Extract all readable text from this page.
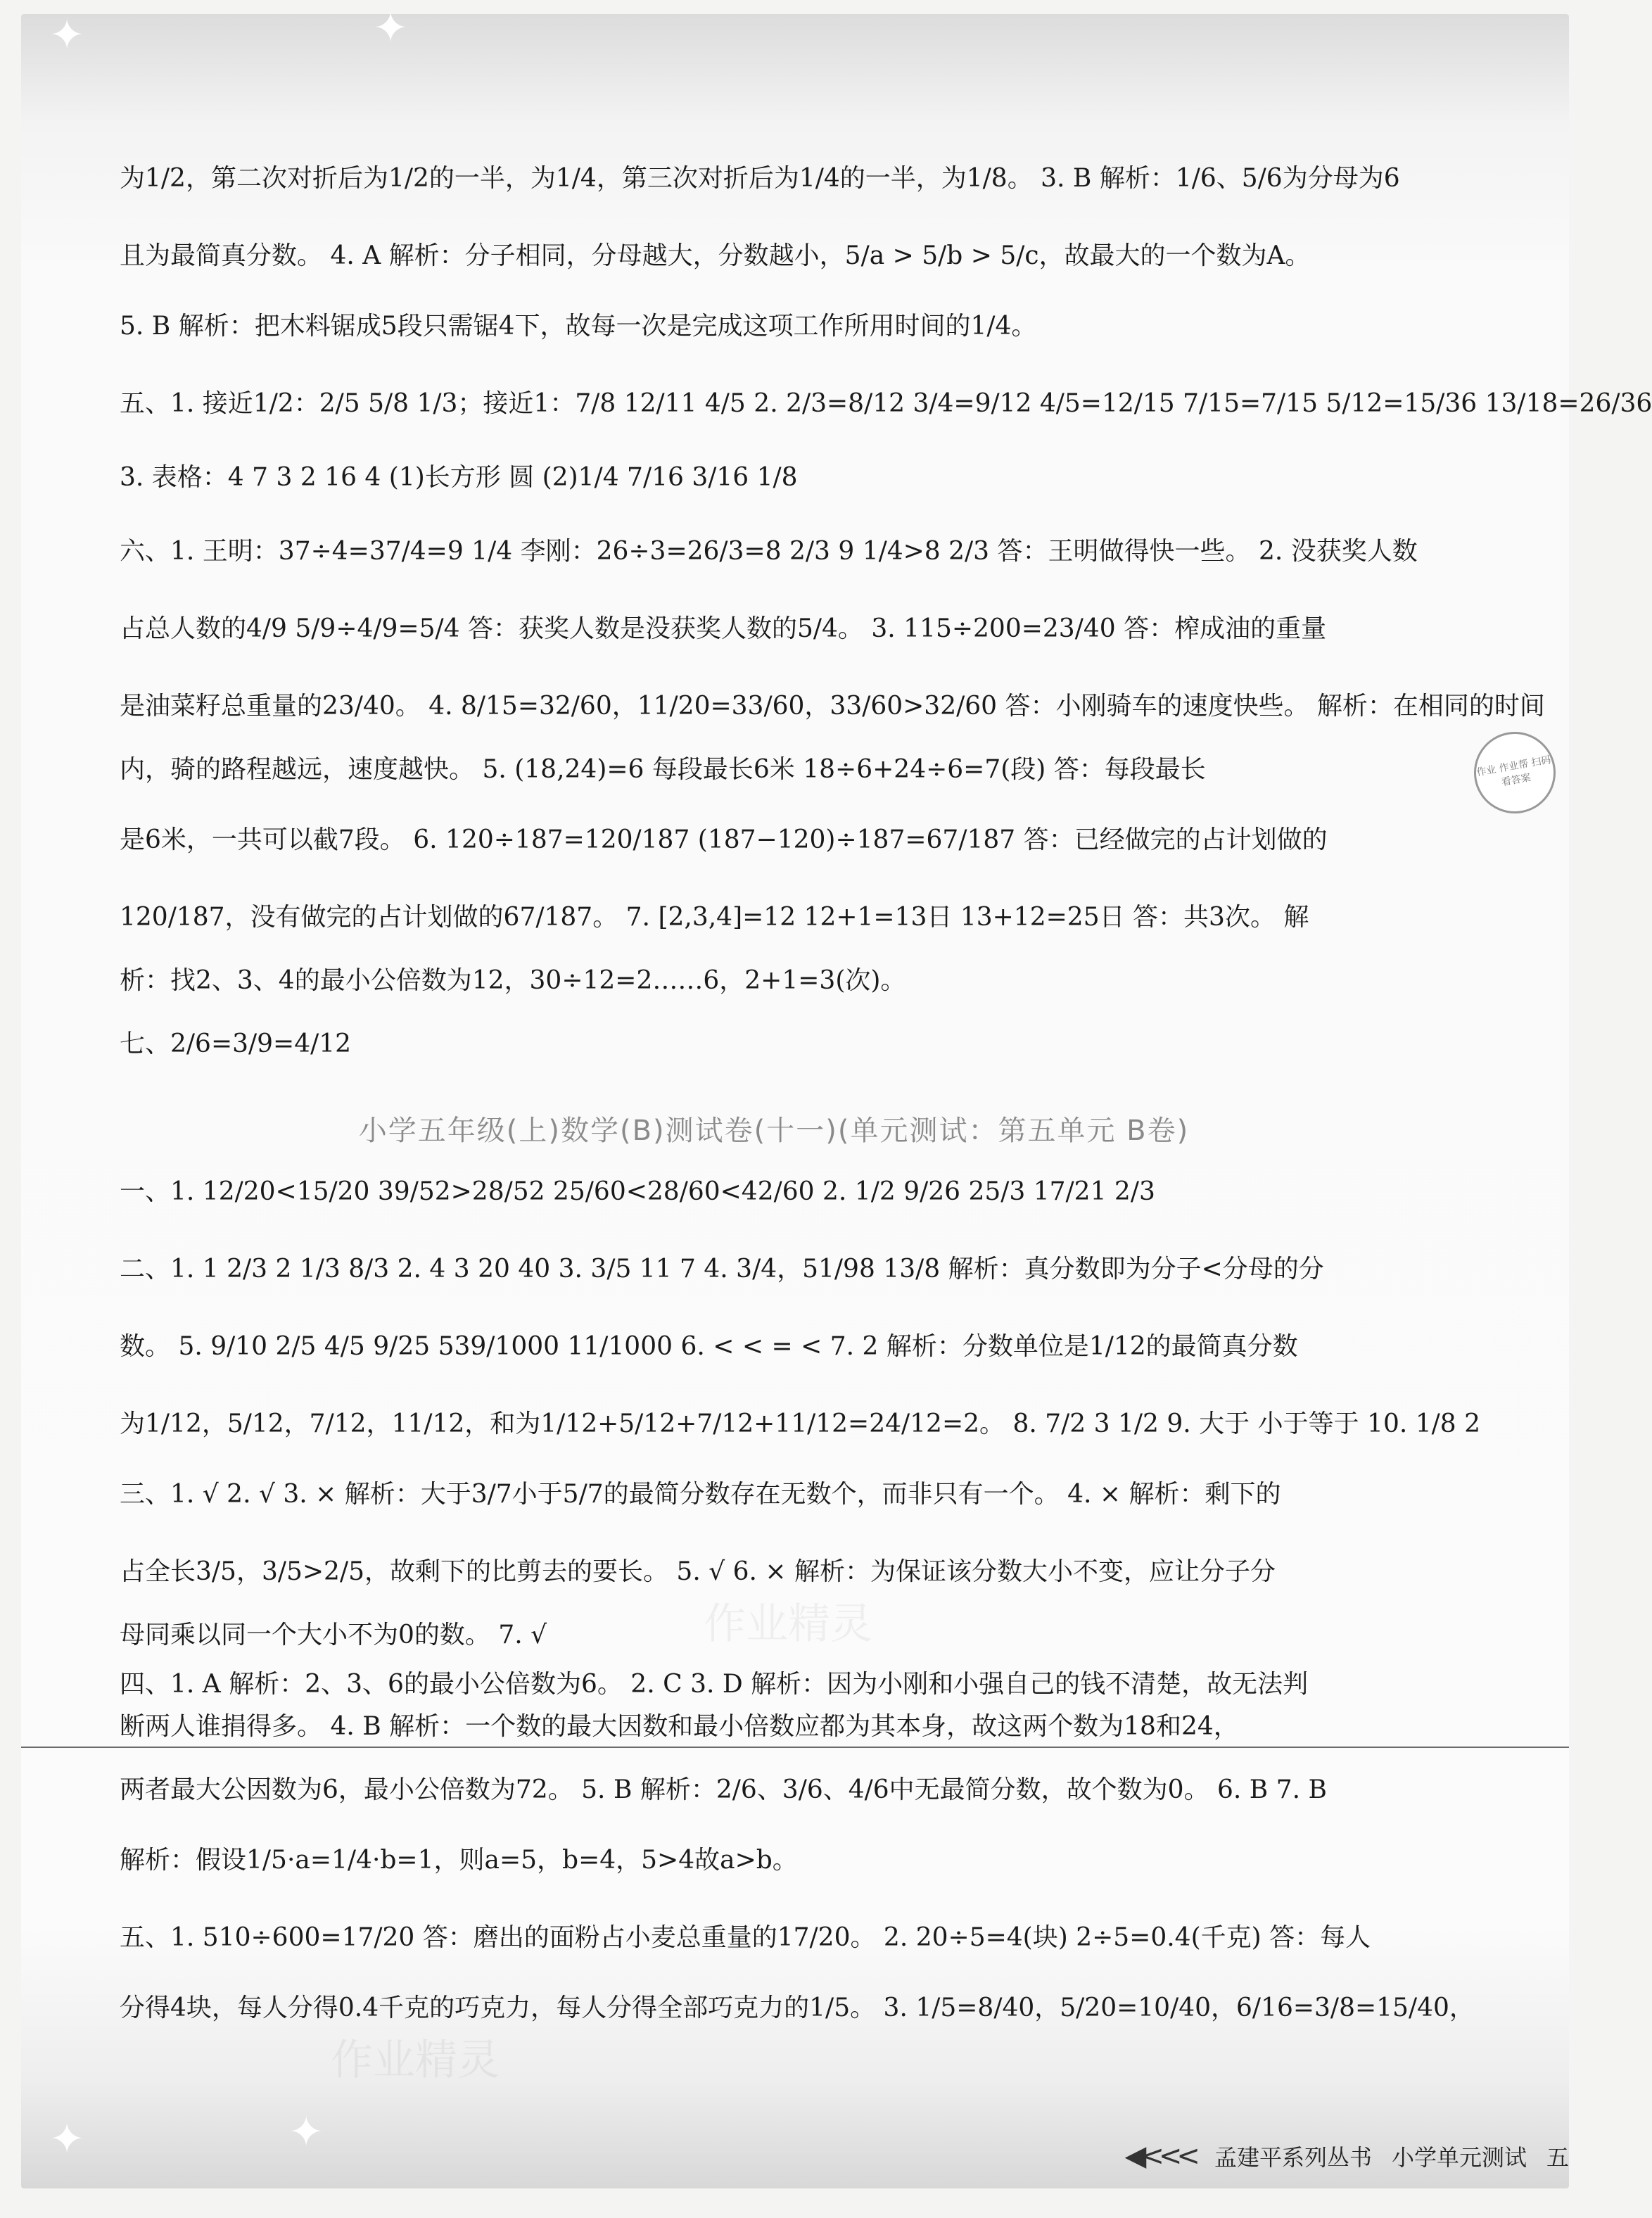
✦	✦
✦	✦
为1/2，第二次对折后为1/2的一半，为1/4，第三次对折后为1/4的一半，为1/8。 3. B 解析：1/6、5/6为分母为6
且为最简真分数。 4. A 解析：分子相同，分母越大，分数越小，5/a > 5/b > 5/c，故最大的一个数为A。
5. B 解析：把木料锯成5段只需锯4下，故每一次是完成这项工作所用时间的1/4。
五、1. 接近1/2：2/5 5/8 1/3；接近1：7/8 12/11 4/5 2. 2/3=8/12 3/4=9/12 4/5=12/15 7/15=7/15 5/12=15/36 13/18=26/36
3. 表格：4 7 3 2 16 4 (1)长方形 圆 (2)1/4 7/16 3/16 1/8
六、1. 王明：37÷4=37/4=9 1/4 李刚：26÷3=26/3=8 2/3 9 1/4>8 2/3 答：王明做得快一些。 2. 没获奖人数
占总人数的4/9 5/9÷4/9=5/4 答：获奖人数是没获奖人数的5/4。 3. 115÷200=23/40 答：榨成油的重量
是油菜籽总重量的23/40。 4. 8/15=32/60，11/20=33/60，33/60>32/60 答：小刚骑车的速度快些。 解析：在相同的时间
内，骑的路程越远，速度越快。 5. (18,24)=6 每段最长6米 18÷6+24÷6=7(段) 答：每段最长
是6米，一共可以截7段。 6. 120÷187=120/187 (187−120)÷187=67/187 答：已经做完的占计划做的
120/187，没有做完的占计划做的67/187。 7. [2,3,4]=12 12+1=13日 13+12=25日 答：共3次。 解
析：找2、3、4的最小公倍数为12，30÷12=2……6，2+1=3(次)。
七、2/6=3/9=4/12
小学五年级(上)数学(B)测试卷(十一)(单元测试：第五单元 B卷)
一、1. 12/20<15/20 39/52>28/52 25/60<28/60<42/60 2. 1/2 9/26 25/3 17/21 2/3
二、1. 1 2/3 2 1/3 8/3 2. 4 3 20 40 3. 3/5 11 7 4. 3/4，51/98 13/8 解析：真分数即为分子<分母的分
数。 5. 9/10 2/5 4/5 9/25 539/1000 11/1000 6. < < = < 7. 2 解析：分数单位是1/12的最简真分数
为1/12，5/12，7/12，11/12，和为1/12+5/12+7/12+11/12=24/12=2。 8. 7/2 3 1/2 9. 大于 小于等于 10. 1/8 2
三、1. √ 2. √ 3. × 解析：大于3/7小于5/7的最简分数存在无数个，而非只有一个。 4. × 解析：剩下的
占全长3/5，3/5>2/5，故剩下的比剪去的要长。 5. √ 6. × 解析：为保证该分数大小不变，应让分子分
母同乘以同一个大小不为0的数。 7. √
四、1. A 解析：2、3、6的最小公倍数为6。 2. C 3. D 解析：因为小刚和小强自己的钱不清楚，故无法判
断两人谁捐得多。 4. B 解析：一个数的最大因数和最小倍数应都为其本身，故这两个数为18和24，
两者最大公因数为6，最小公倍数为72。 5. B 解析：2/6、3/6、4/6中无最简分数，故个数为0。 6. B 7. B
解析：假设1/5·a=1/4·b=1，则a=5，b=4，5>4故a>b。
五、1. 510÷600=17/20 答：磨出的面粉占小麦总重量的17/20。 2. 20÷5=4(块) 2÷5=0.4(千克) 答：每人
分得4块，每人分得0.4千克的巧克力，每人分得全部巧克力的1/5。 3. 1/5=8/40，5/20=10/40，6/16=3/8=15/40，
作业精灵
作业精灵
作业 作业帮 扫码看答案
◀<<< 孟建平系列丛书 小学单元测试 五
